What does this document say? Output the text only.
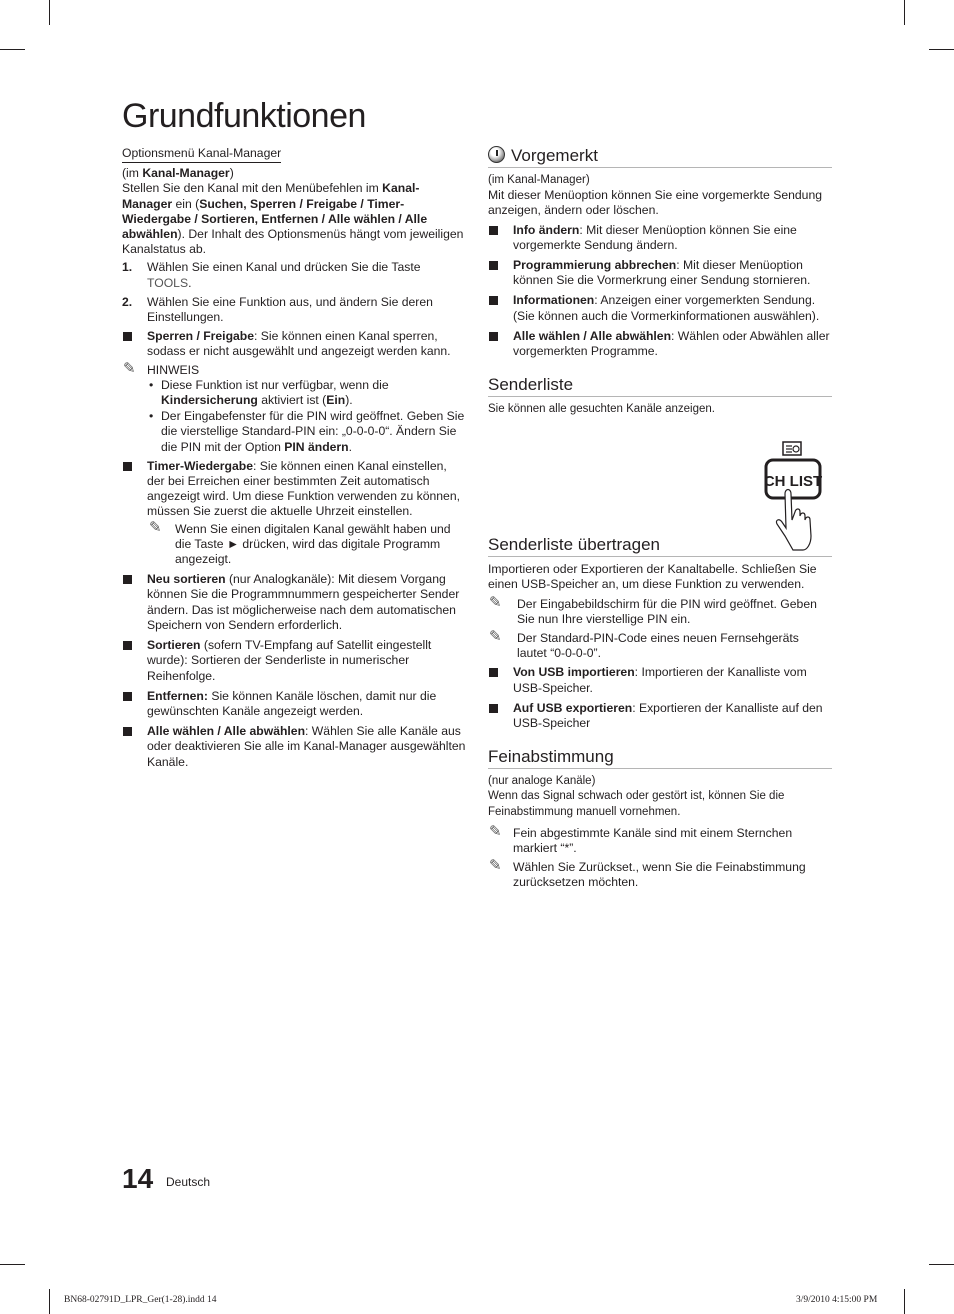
Grundfunktionen
Optionsmenü Kanal-Manager

(im Kanal-Manager)

Stellen Sie den Kanal mit den Menübefehlen im Kanal-Manager ein (Suchen, Sperren / Freigabe / Timer-Wiedergabe / Sortieren, Entfernen / Alle wählen / Alle abwählen). Der Inhalt des Optionsmenüs hängt vom jeweiligen Kanalstatus ab.

1. Wählen Sie einen Kanal und drücken Sie die Taste TOOLS.
2. Wählen Sie eine Funktion aus, und ändern Sie deren Einstellungen.
Sperren / Freigabe: Sie können einen Kanal sperren, sodass er nicht ausgewählt und angezeigt werden kann.
✎ HINWEIS
• Diese Funktion ist nur verfügbar, wenn die Kindersicherung aktiviert ist (Ein).
• Der Eingabefenster für die PIN wird geöffnet. Geben Sie die vierstellige Standard-PIN ein: „0-0-0-0“. Ändern Sie die PIN mit der Option PIN ändern.
Timer-Wiedergabe: Sie können einen Kanal einstellen, der bei Erreichen einer bestimmten Zeit automatisch angezeigt wird. Um diese Funktion verwenden zu können, müssen Sie zuerst die aktuelle Uhrzeit einstellen.
✎ Wenn Sie einen digitalen Kanal gewählt haben und die Taste ► drücken, wird das digitale Programm angezeigt.
Neu sortieren (nur Analogkanäle): Mit diesem Vorgang können Sie die Programmnummern gespeicherter Sender ändern. Das ist möglicherweise nach dem automatischen Speichern von Sendern erforderlich.
Sortieren (sofern TV-Empfang auf Satellit eingestellt wurde): Sortieren der Senderliste in numerischer Reihenfolge.
Entfernen: Sie können Kanäle löschen, damit nur die gewünschten Kanäle angezeigt werden.
Alle wählen / Alle abwählen: Wählen Sie alle Kanäle aus oder deaktivieren Sie alle im Kanal-Manager ausgewählten Kanäle.
Vorgemerkt

(im Kanal-Manager)

Mit dieser Menüoption können Sie eine vorgemerkte Sendung anzeigen, ändern oder löschen.

Info ändern: Mit dieser Menüoption können Sie eine vorgemerkte Sendung ändern.
Programmierung abbrechen: Mit dieser Menüoption können Sie die Vormerkrung einer Sendung stornieren.
Informationen: Anzeigen einer vorgemerkten Sendung. (Sie können auch die Vormerkinformationen auswählen).
Alle wählen / Alle abwählen: Wählen oder Abwählen aller vorgemerkten Programme.
Senderliste

Sie können alle gesuchten Kanäle anzeigen.

Senderliste übertragen

Importieren oder Exportieren der Kanaltabelle. Schließen Sie einen USB-Speicher an, um diese Funktion zu verwenden.

✎ Der Eingabebildschirm für die PIN wird geöffnet. Geben Sie nun Ihre vierstellige PIN ein.
✎ Der Standard-PIN-Code eines neuen Fernsehgeräts lautet “0-0-0-0”.
Von USB importieren: Importieren der Kanalliste vom USB-Speicher.
Auf USB exportieren: Exportieren der Kanalliste auf den USB-Speicher
Feinabstimmung

(nur analoge Kanäle)

Wenn das Signal schwach oder gestört ist, können Sie die Feinabstimmung manuell vornehmen.

✎ Fein abgestimmte Kanäle sind mit einem Sternchen markiert “*”.
✎ Wählen Sie Zurückset., wenn Sie die Feinabstimmung zurücksetzen möchten.
CH LIST
14 Deutsch
BN68-02791D_LPR_Ger(1-28).indd 14	3/9/2010 4:15:00 PM
